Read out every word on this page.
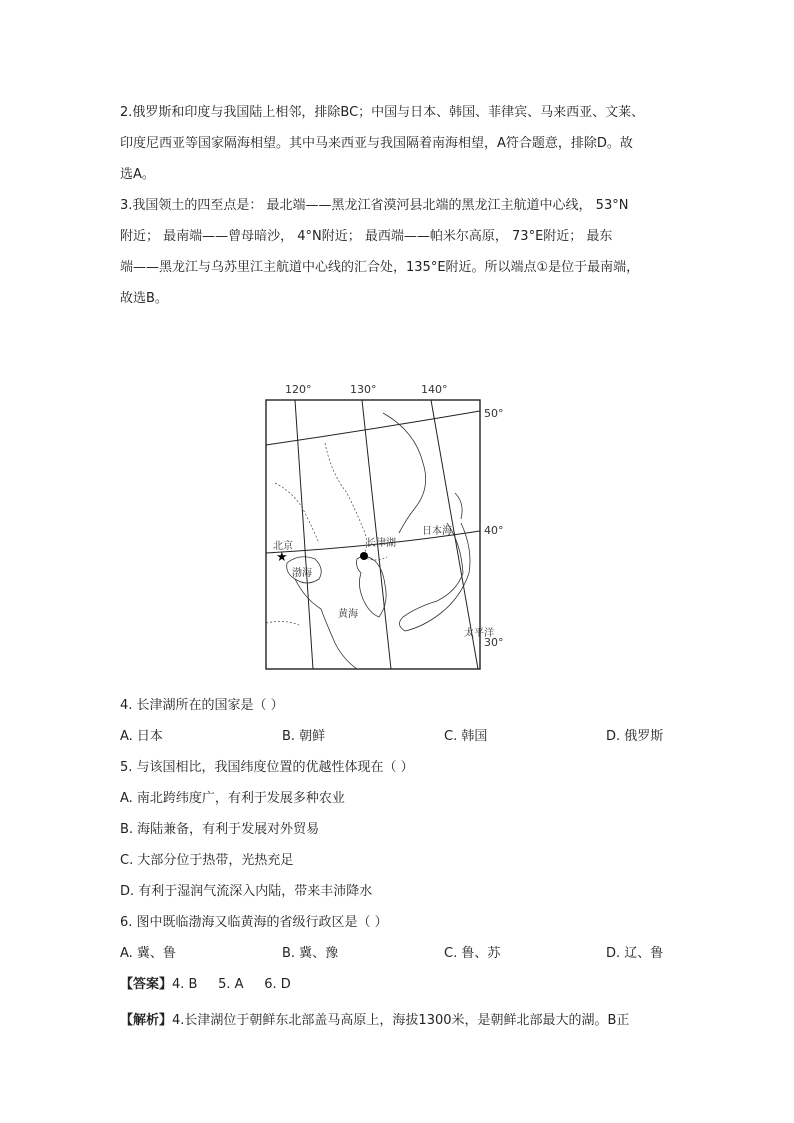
2.俄罗斯和印度与我国陆上相邻，排除BC；中国与日本、韩国、菲律宾、马来西亚、文莱、
印度尼西亚等国家隔海相望。其中马来西亚与我国隔着南海相望，A符合题意，排除D。故
选A。
3.我国领土的四至点是： 最北端——黑龙江省漠河县北端的黑龙江主航道中心线， 53°N
附近； 最南端——曾母暗沙， 4°N附近； 最西端——帕米尔高原， 73°E附近； 最东
端——黑龙江与乌苏里江主航道中心线的汇合处，135°E附近。所以端点①是位于最南端，
故选B。
120°	130°	140°
50°
40°
30°
★
北京	长津湖
渤海
黄海
日本海
太平洋
4. 长津湖所在的国家是（ ）
A. 日本	B. 朝鲜	C. 韩国	D. 俄罗斯
5. 与该国相比，我国纬度位置的优越性体现在（ ）
A. 南北跨纬度广，有利于发展多种农业
B. 海陆兼备，有利于发展对外贸易
C. 大部分位于热带，光热充足
D. 有利于湿润气流深入内陆，带来丰沛降水
6. 图中既临渤海又临黄海的省级行政区是（ ）
A. 冀、鲁	B. 冀、豫	C. 鲁、苏	D. 辽、鲁
【答案】4. B     5. A     6. D
【解析】4.长津湖位于朝鲜东北部盖马高原上，海拔1300米，是朝鲜北部最大的湖。B正
